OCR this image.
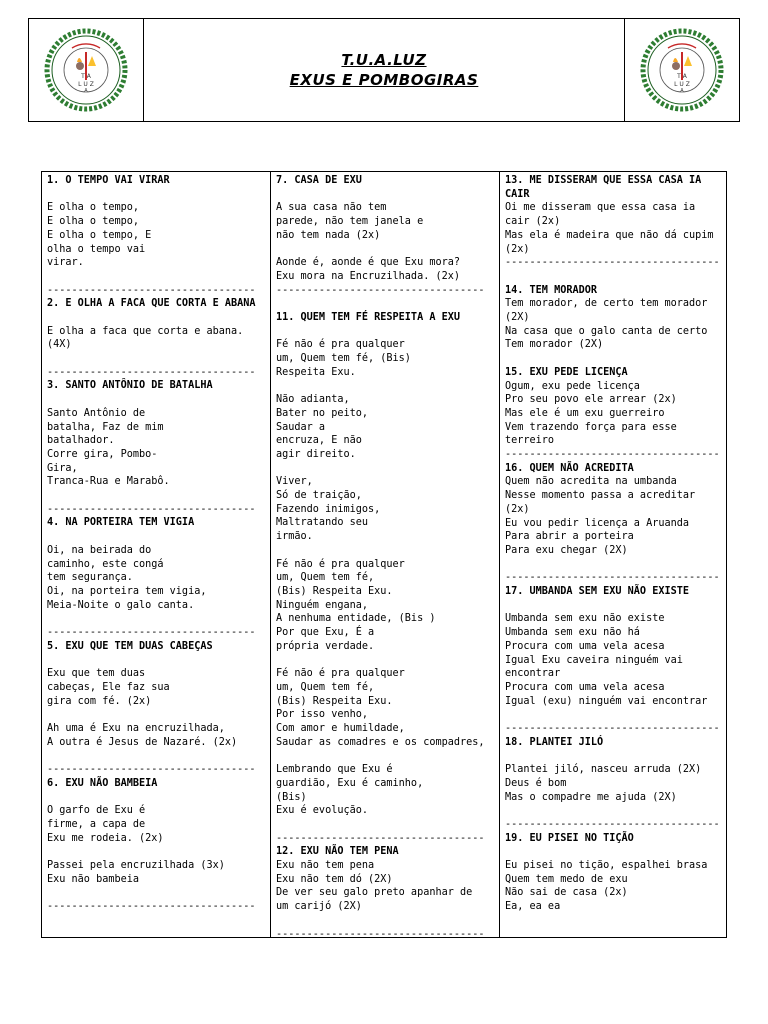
T A
L U Z
A
T.U.A.LUZ
EXUS E POMBOGIRAS	T A
L U Z
A
1. O TEMPO VAI VIRAR
E olha o tempo,
E olha o tempo,
E olha o tempo, E
olha o tempo vai
virar.
----------------------------------
2. E OLHA A FACA QUE CORTA E ABANA
E olha a faca que corta e abana.
(4X)
----------------------------------
3. SANTO ANTÔNIO DE BATALHA
Santo Antônio de
batalha, Faz de mim
batalhador.
Corre gira, Pombo-
Gira,
Tranca-Rua e Marabô.
----------------------------------
4. NA PORTEIRA TEM VIGIA
Oi, na beirada do
caminho, este congá
tem segurança.
Oi, na porteira tem vigia,
Meia-Noite o galo canta.
----------------------------------
5. EXU QUE TEM DUAS CABEÇAS
Exu que tem duas
cabeças, Ele faz sua
gira com fé. (2x)
Ah uma é Exu na encruzilhada,
A outra é Jesus de Nazaré. (2x)
----------------------------------
6. EXU NÃO BAMBEIA
O garfo de Exu é
firme, a capa de
Exu me rodeia. (2x)
Passei pela encruzilhada (3x)
Exu não bambeia
----------------------------------
7. CASA DE EXU
A sua casa não tem
parede, não tem janela e
não tem nada (2x)
Aonde é, aonde é que Exu mora?
Exu mora na Encruzilhada. (2x)
----------------------------------
11. QUEM TEM FÉ RESPEITA A EXU
Fé não é pra qualquer
um, Quem tem fé, (Bis)
Respeita Exu.
Não adianta,
Bater no peito,
Saudar a
encruza, E não
agir direito.
Viver,
Só de traição,
Fazendo inimigos,
Maltratando seu
irmão.
Fé não é pra qualquer
um, Quem tem fé,
(Bis) Respeita Exu.
Ninguém engana,
A nenhuma entidade, (Bis )
Por que Exu, É a
própria verdade.
Fé não é pra qualquer
um, Quem tem fé,
(Bis) Respeita Exu.
Por isso venho,
Com amor e humildade,
Saudar as comadres e os compadres,
Lembrando que Exu é
guardião, Exu é caminho,
(Bis)
Exu é evolução.
----------------------------------
12. EXU NÃO TEM PENA
Exu não tem pena
Exu não tem dó (2X)
De ver seu galo preto apanhar de
um carijó (2X)
----------------------------------
13. ME DISSERAM QUE ESSA CASA IA
CAIR
Oi me disseram que essa casa ia
cair (2x)
Mas ela é madeira que não dá cupim
(2x)
-----------------------------------
14. TEM MORADOR
Tem morador, de certo tem morador
(2X)
Na casa que o galo canta de certo
Tem morador (2X)
15. EXU PEDE LICENÇA
Ogum, exu pede licença
Pro seu povo ele arrear (2x)
Mas ele é um exu guerreiro
Vem trazendo força para esse
terreiro
-----------------------------------
16. QUEM NÃO ACREDITA
Quem não acredita na umbanda
Nesse momento passa a acreditar
(2x)
Eu vou pedir licença a Aruanda
Para abrir a porteira
Para exu chegar (2X)
-----------------------------------
17. UMBANDA SEM EXU NÃO EXISTE
Umbanda sem exu não existe
Umbanda sem exu não há
Procura com uma vela acesa
Igual Exu caveira ninguém vai
encontrar
Procura com uma vela acesa
Igual (exu) ninguém vai encontrar
-----------------------------------
18. PLANTEI JILÓ
Plantei jiló, nasceu arruda (2X)
Deus é bom
Mas o compadre me ajuda (2X)
-----------------------------------
19. EU PISEI NO TIÇÃO
Eu pisei no tição, espalhei brasa
Quem tem medo de exu
Não sai de casa (2x)
Ea, ea ea
